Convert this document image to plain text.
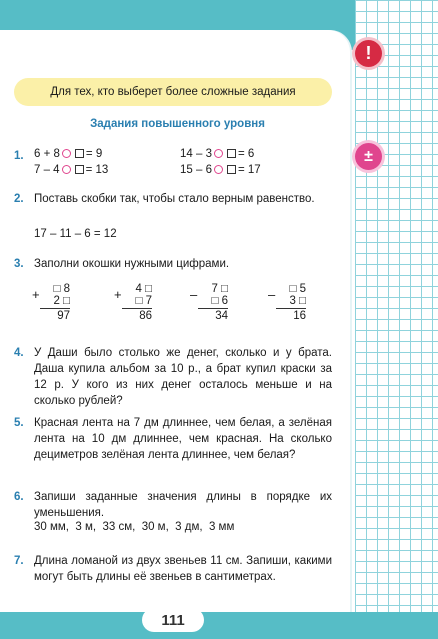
!
±
Для тех, кто выберет более сложные задания
Задания повышенного уровня
1. 6 + 8 = 9
7 – 4 = 13
14 – 3 = 6
15 – 6 = 17
2. Поставь скобки так, чтобы стало верным равенство.
17 – 11 – 6 = 12
3. Заполни окошки нужными цифрами.
+	□ 8
2 □
97
+	4 □
□ 7
86
–	7 □
□ 6
34
–	□ 5
3 □
16
4. У Даши было столько же денег, сколько и у брата. Даша купила альбом за 10 р., а брат купил краски за 12 р. У кого из них денег осталось меньше и на сколько рублей?
5. Красная лента на 7 дм длиннее, чем белая, а зелёная лента на 10 дм длиннее, чем красная. На сколько дециметров зелёная лента длиннее, чем белая?
6. Запиши заданные значения длины в порядке их уменьшения.
30 мм,  3 м,  33 см,  30 м,  3 дм,  3 мм
7. Длина ломаной из двух звеньев 11 см. Запиши, какими могут быть длины её звеньев в сантиметрах.
111
